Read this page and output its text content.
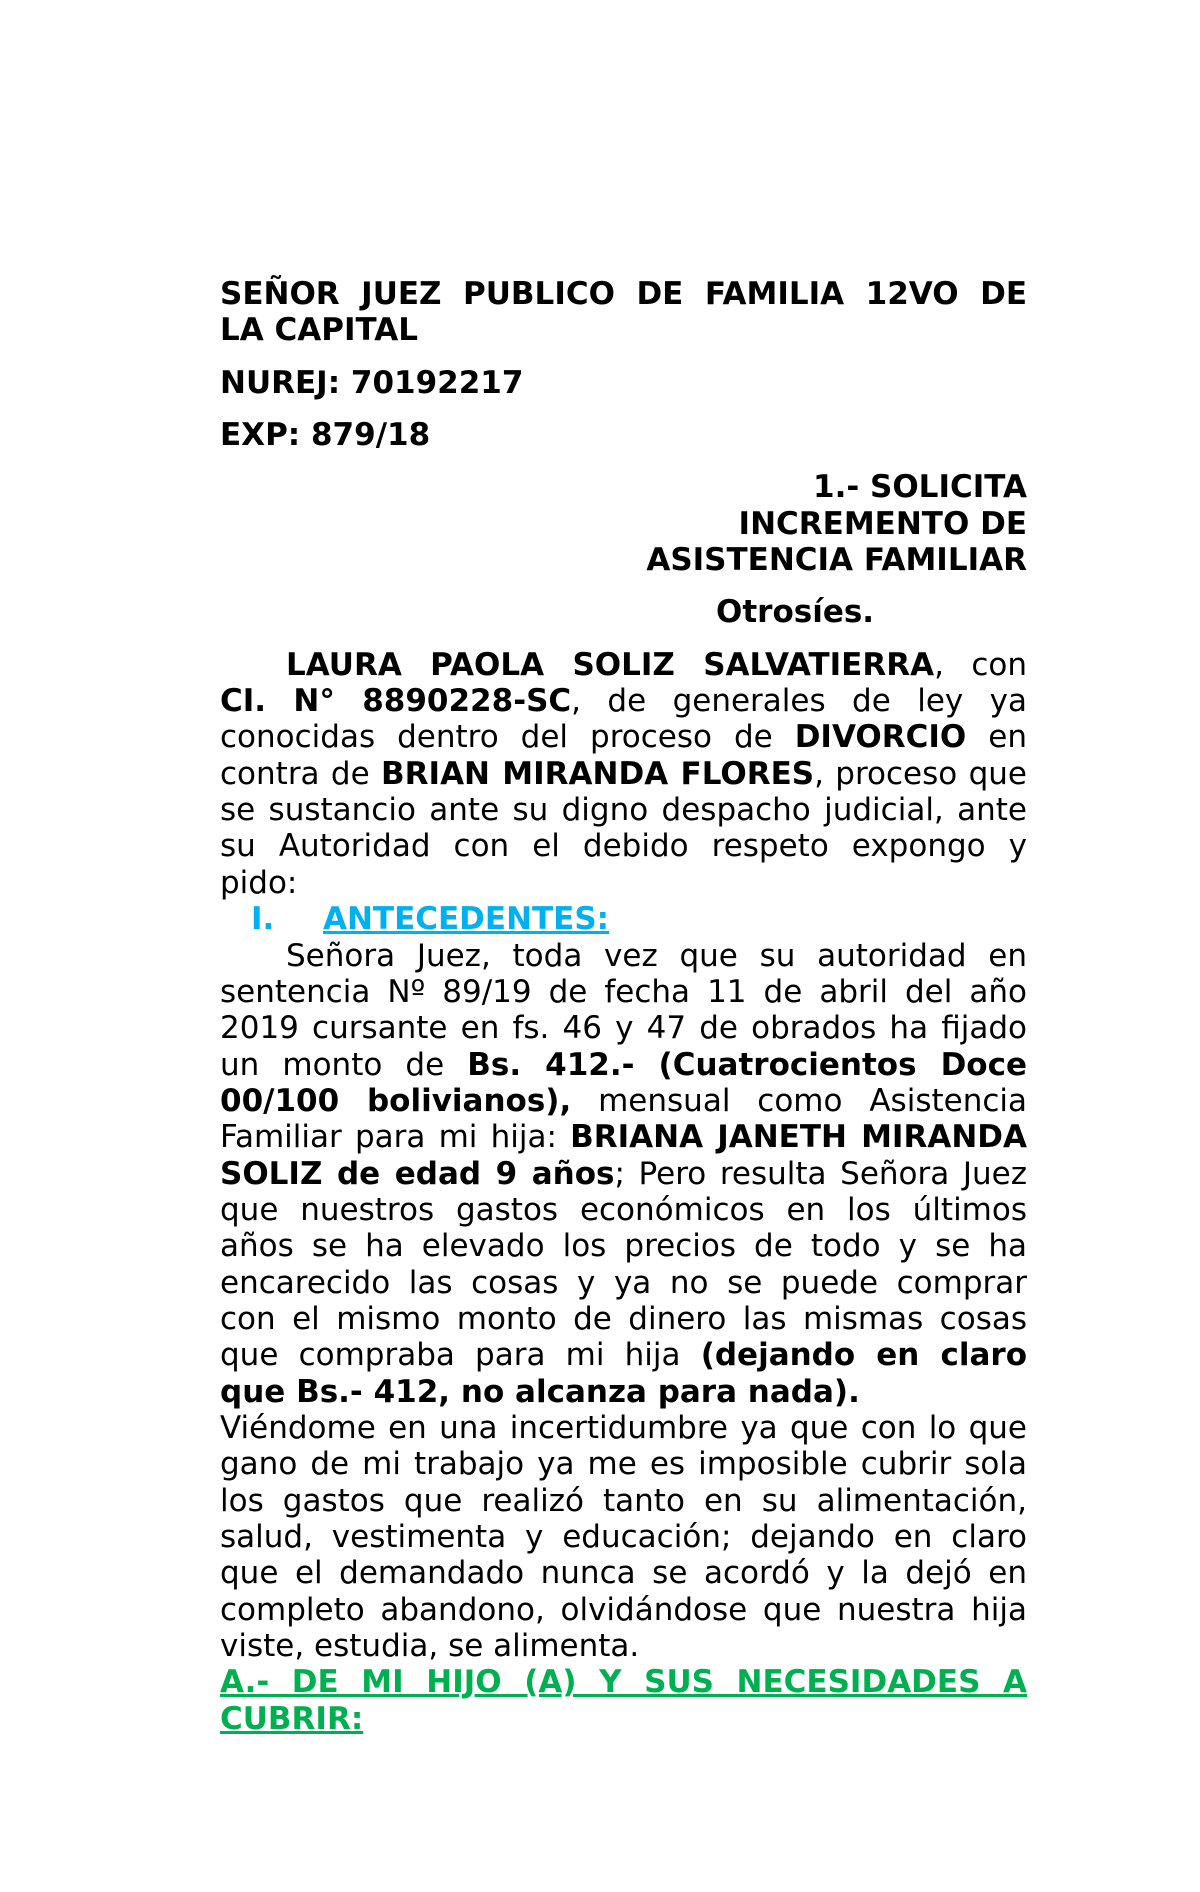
SEÑOR JUEZ PUBLICO DE FAMILIA 12VO DE
LA CAPITAL
NUREJ: 70192217
EXP: 879/18
1.- SOLICITA
INCREMENTO DE
ASISTENCIA FAMILIAR
Otrosíes.
LAURA PAOLA SOLIZ SALVATIERRA, con
CI. N° 8890228-SC, de generales de ley ya
conocidas dentro del proceso de DIVORCIO en
contra de BRIAN MIRANDA FLORES, proceso que
se sustancio ante su digno despacho judicial, ante
su Autoridad con el debido respeto expongo y
pido:
I. ANTECEDENTES:
Señora Juez, toda vez que su autoridad en
sentencia Nº 89/19 de fecha 11 de abril del año
2019 cursante en fs. 46 y 47 de obrados ha fijado
un monto de Bs. 412.- (Cuatrocientos Doce
00/100 bolivianos), mensual como Asistencia
Familiar para mi hija: BRIANA JANETH MIRANDA
SOLIZ de edad 9 años; Pero resulta Señora Juez
que nuestros gastos económicos en los últimos
años se ha elevado los precios de todo y se ha
encarecido las cosas y ya no se puede comprar
con el mismo monto de dinero las mismas cosas
que compraba para mi hija (dejando en claro
que Bs.- 412, no alcanza para nada).
Viéndome en una incertidumbre ya que con lo que
gano de mi trabajo ya me es imposible cubrir sola
los gastos que realizó tanto en su alimentación,
salud, vestimenta y educación; dejando en claro
que el demandado nunca se acordó y la dejó en
completo abandono, olvidándose que nuestra hija
viste, estudia, se alimenta.
A.- DE MI HIJO (A) Y SUS NECESIDADES A
CUBRIR:
